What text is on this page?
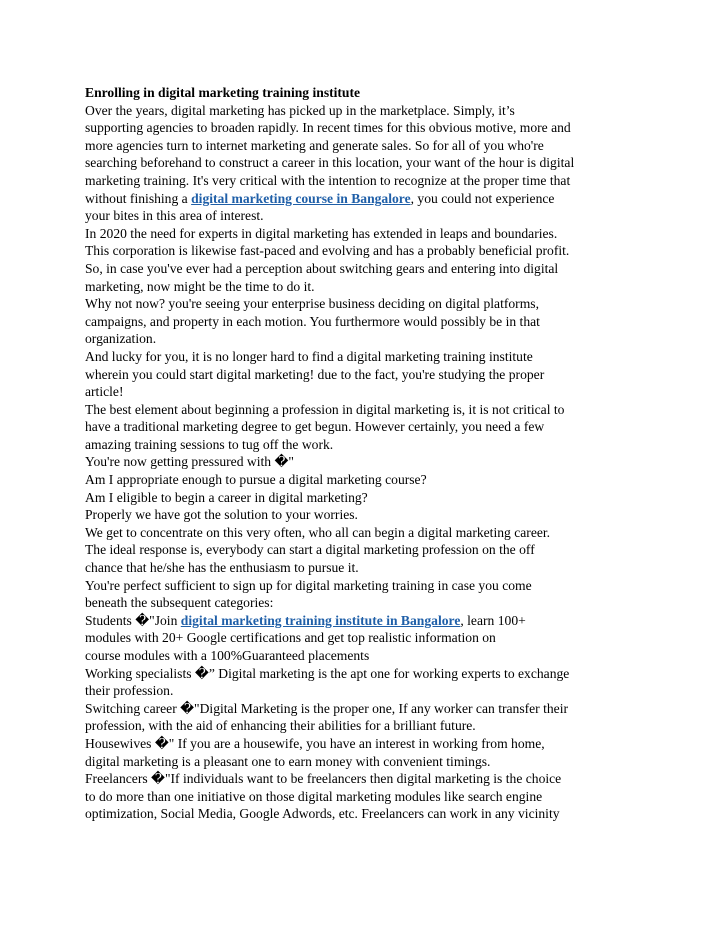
Enrolling in digital marketing training institute
Over the years, digital marketing has picked up in the marketplace. Simply, it’s
supporting agencies to broaden rapidly. In recent times for this obvious motive, more and
more agencies turn to internet marketing and generate sales. So for all of you who're
searching beforehand to construct a career in this location, your want of the hour is digital
marketing training. It's very critical with the intention to recognize at the proper time that
without finishing a digital marketing course in Bangalore, you could not experience
your bites in this area of interest.
In 2020 the need for experts in digital marketing has extended in leaps and boundaries.
This corporation is likewise fast-paced and evolving and has a probably beneficial profit.
So, in case you've ever had a perception about switching gears and entering into digital
marketing, now might be the time to do it.
Why not now? you're seeing your enterprise business deciding on digital platforms,
campaigns, and property in each motion. You furthermore would possibly be in that
organization.
And lucky for you, it is no longer hard to find a digital marketing training institute
wherein you could start digital marketing! due to the fact, you're studying the proper
article!
The best element about beginning a profession in digital marketing is, it is not critical to
have a traditional marketing degree to get begun. However certainly, you need a few
amazing training sessions to tug off the work.
You're now getting pressured with �"
Am I appropriate enough to pursue a digital marketing course?
Am I eligible to begin a career in digital marketing?
Properly we have got the solution to your worries.
We get to concentrate on this very often, who all can begin a digital marketing career.
The ideal response is, everybody can start a digital marketing profession on the off
chance that he/she has the enthusiasm to pursue it.
You're perfect sufficient to sign up for digital marketing training in case you come
beneath the subsequent categories:
Students �"Join digital marketing training institute in Bangalore, learn 100+
modules with 20+ Google certifications and get top realistic information on
course modules with a 100%Guaranteed placements
Working specialists �” Digital marketing is the apt one for working experts to exchange
their profession.
Switching career �"Digital Marketing is the proper one, If any worker can transfer their
profession, with the aid of enhancing their abilities for a brilliant future.
Housewives �" If you are a housewife, you have an interest in working from home,
digital marketing is a pleasant one to earn money with convenient timings.
Freelancers �"If individuals want to be freelancers then digital marketing is the choice
to do more than one initiative on those digital marketing modules like search engine
optimization, Social Media, Google Adwords, etc. Freelancers can work in any vicinity
